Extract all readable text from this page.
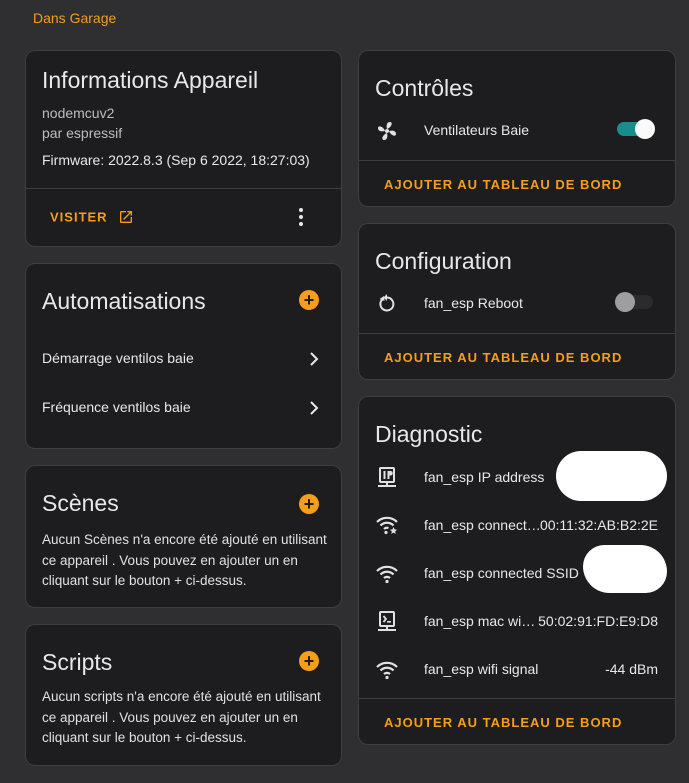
Dans Garage
Informations Appareil
nodemcuv2
par espressif
Firmware: 2022.8.3 (Sep 6 2022, 18:27:03)
VISITER
Automatisations	+
Démarrage ventilos baie
Fréquence ventilos baie
Scènes	+
Aucun Scènes n'a encore été ajouté en utilisant ce appareil . Vous pouvez en ajouter un en cliquant sur le bouton + ci-dessus.
Scripts	+
Aucun scripts n'a encore été ajouté en utilisant ce appareil . Vous pouvez en ajouter un en cliquant sur le bouton + ci-dessus.
Contrôles
Ventilateurs Baie
AJOUTER AU TABLEAU DE BORD
Configuration
fan_esp Reboot
AJOUTER AU TABLEAU DE BORD
Diagnostic
fan_esp IP address
fan_esp connect… 00:11:32:AB:B2:2E
fan_esp connected SSID
fan_esp mac wi… 50:02:91:FD:E9:D8
fan_esp wifi signal	-44 dBm
AJOUTER AU TABLEAU DE BORD
